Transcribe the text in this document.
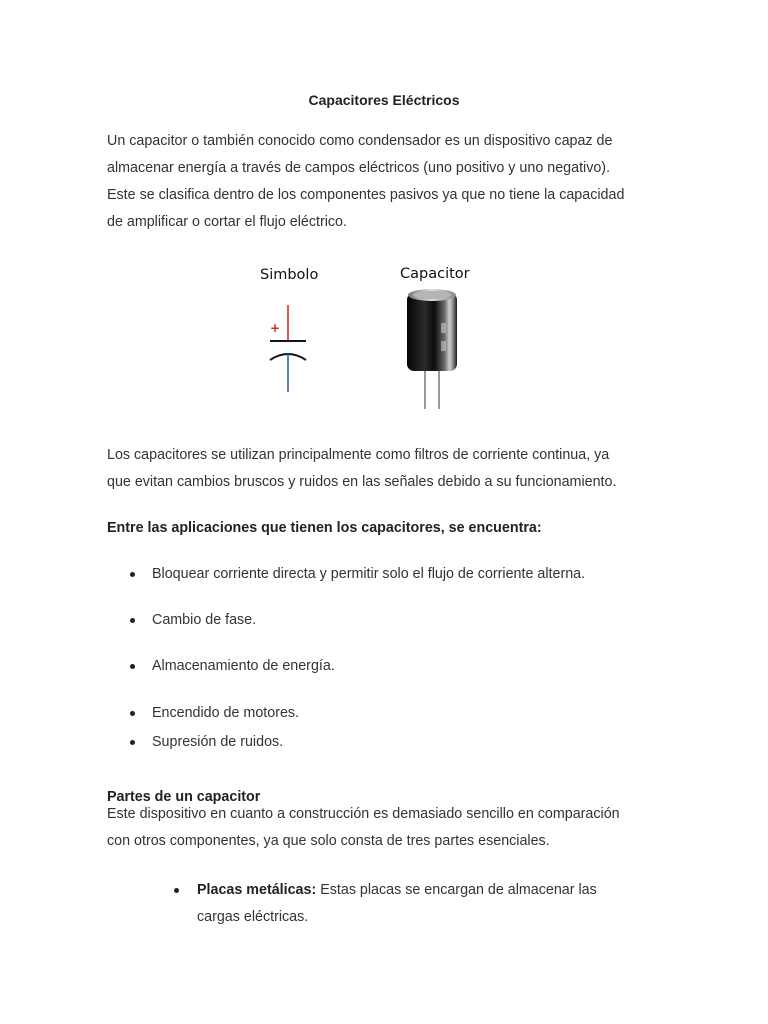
Capacitores Eléctricos
Un capacitor o también conocido como condensador es un dispositivo capaz de
almacenar energía a través de campos eléctricos (uno positivo y uno negativo).
Este se clasifica dentro de los componentes pasivos ya que no tiene la capacidad
de amplificar o cortar el flujo eléctrico.
Simbolo	Capacitor
+
Los capacitores se utilizan principalmente como filtros de corriente continua, ya
que evitan cambios bruscos y ruidos en las señales debido a su funcionamiento.
Entre las aplicaciones que tienen los capacitores, se encuentra:
Bloquear corriente directa y permitir solo el flujo de corriente alterna.
Cambio de fase.
Almacenamiento de energía.
Encendido de motores.
Supresión de ruidos.
Partes de un capacitor
Este dispositivo en cuanto a construcción es demasiado sencillo en comparación
con otros componentes, ya que solo consta de tres partes esenciales.
Placas metálicas: Estas placas se encargan de almacenar las
cargas eléctricas.
